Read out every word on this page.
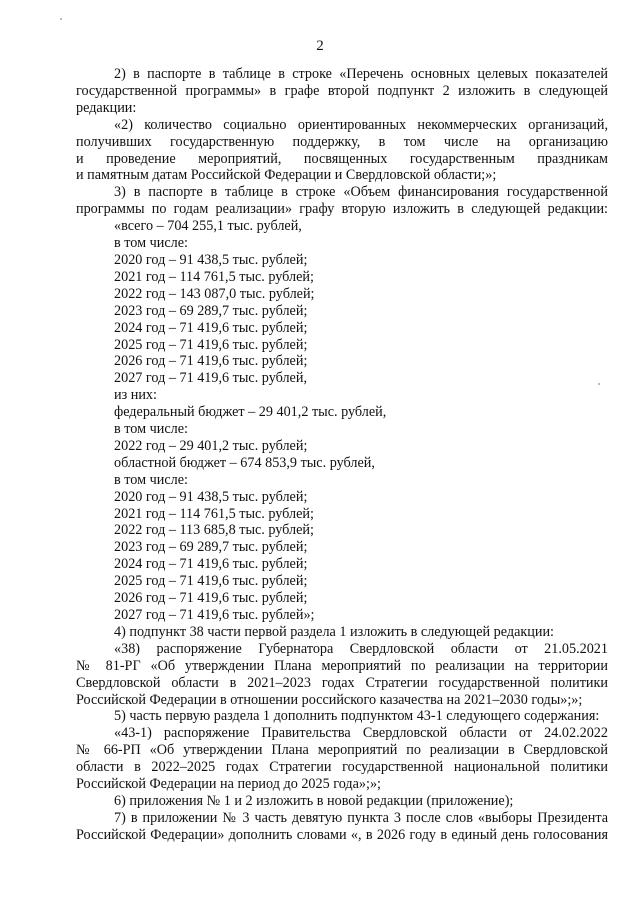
2

2) в паспорте в таблице в строке «Перечень основных целевых показателей

государственной программы» в графе второй подпункт 2 изложить в следующей

редакции:

«2) количество социально ориентированных некоммерческих организаций,

получивших государственную поддержку, в том числе на организацию

и проведение мероприятий, посвященных государственным праздникам

и памятным датам Российской Федерации и Свердловской области;»;

3) в паспорте в таблице в строке «Объем финансирования государственной

программы по годам реализации» графу вторую изложить в следующей редакции:

«всего – 704 255,1 тыс. рублей,

в том числе:

2020 год – 91 438,5 тыс. рублей;

2021 год – 114 761,5 тыс. рублей;

2022 год – 143 087,0 тыс. рублей;

2023 год – 69 289,7 тыс. рублей;

2024 год – 71 419,6 тыс. рублей;

2025 год – 71 419,6 тыс. рублей;

2026 год – 71 419,6 тыс. рублей;

2027 год – 71 419,6 тыс. рублей,

из них:

федеральный бюджет – 29 401,2 тыс. рублей,

в том числе:

2022 год – 29 401,2 тыс. рублей;

областной бюджет – 674 853,9 тыс. рублей,

в том числе:

2020 год – 91 438,5 тыс. рублей;

2021 год – 114 761,5 тыс. рублей;

2022 год – 113 685,8 тыс. рублей;

2023 год – 69 289,7 тыс. рублей;

2024 год – 71 419,6 тыс. рублей;

2025 год – 71 419,6 тыс. рублей;

2026 год – 71 419,6 тыс. рублей;

2027 год – 71 419,6 тыс. рублей»;

4) подпункт 38 части первой раздела 1 изложить в следующей редакции:

«38) распоряжение Губернатора Свердловской области от 21.05.2021

№ 81-РГ «Об утверждении Плана мероприятий по реализации на территории

Свердловской области в 2021–2023 годах Стратегии государственной политики

Российской Федерации в отношении российского казачества на 2021–2030 годы»;»;

5) часть первую раздела 1 дополнить подпунктом 43-1 следующего содержания:

«43-1) распоряжение Правительства Свердловской области от 24.02.2022

№ 66-РП «Об утверждении Плана мероприятий по реализации в Свердловской

области в 2022–2025 годах Стратегии государственной национальной политики

Российской Федерации на период до 2025 года»;»;

6) приложения № 1 и 2 изложить в новой редакции (приложение);

7) в приложении № 3 часть девятую пункта 3 после слов «выборы Президента

Российской Федерации» дополнить словами «, в 2026 году в единый день голосования
